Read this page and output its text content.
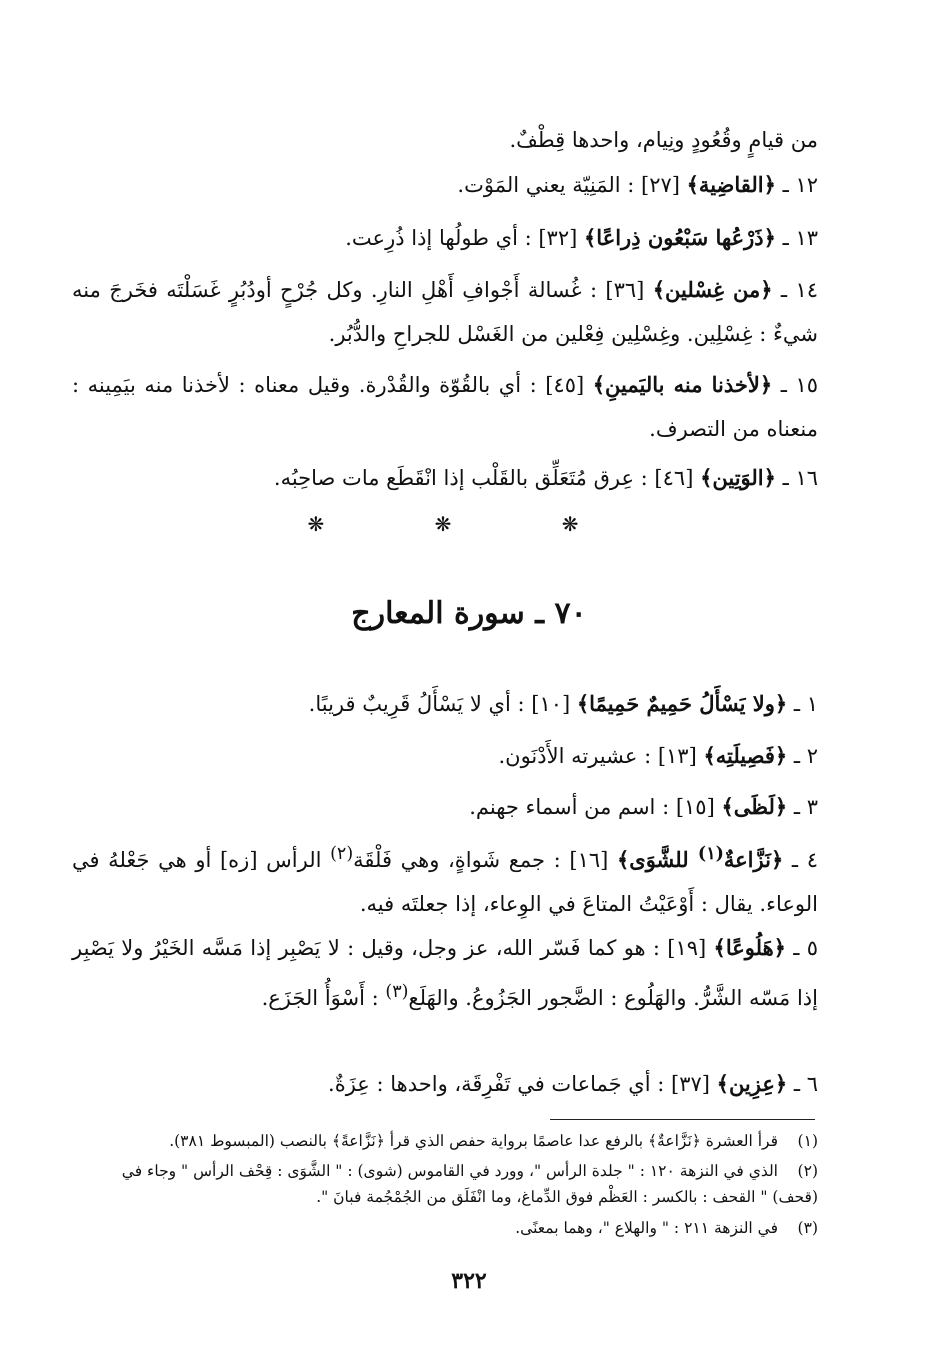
من قيامٍ وقُعُودٍ ونِيام، واحدها قِطْفٌ.

١٢ ـ ﴿القاضِية﴾ [٢٧] : المَنِيّة يعني المَوْت.

١٣ ـ ﴿ذَرْعُها سَبْعُون ذِراعًا﴾ [٣٢] : أي طولُها إذا ذُرِعت.

١٤ ـ ﴿من غِسْلين﴾ [٣٦] : غُسالة أَجْوافِ أَهْلِ النارِ. وكل جُرْحٍ أودُبُرٍ غَسَلْتَه فخَرجَ منه شيءٌ : غِسْلِين. وغِسْلِين فِعْلين من الغَسْل للجراحِ والدُّبُر.

١٥ ـ ﴿لأخذنا منه باليَمينِ﴾ [٤٥] : أي بالقُوّة والقُدْرة. وقيل معناه : لأخذنا منه بيَمِينه : منعناه من التصرف.

١٦ ـ ﴿الوَتِين﴾ [٤٦] : عِرق مُتَعَلِّق بالقَلْب إذا انْقَطَع مات صاحِبُه.

❋ ❋ ❋
٧٠ ـ سورة المعارج

١ ـ ﴿ولا يَسْأَلُ حَمِيمٌ حَمِيمًا﴾ [١٠] : أي لا يَسْأَلُ قَرِيبٌ قريبًا.

٢ ـ ﴿فَصِيلَتِه﴾ [١٣] : عشيرته الأَدْنَون.

٣ ـ ﴿لَظَى﴾ [١٥] : اسم من أسماء جهنم.

٤ ـ ﴿نَزَّاعةٌ$^{(١)}$ للشَّوَى﴾ [١٦] : جمع شَواةٍ، وهي فَلْقَة$^{(٢)}$ الرأس [زه] أو هي جَعْلهُ في الوعاء. يقال : أَوْعَيْتُ المتاعَ في الوِعاء، إذا جعلتَه فيه.

٥ ـ ﴿هَلُوعًا﴾ [١٩] : هو كما فَسّر الله، عز وجل، وقيل : لا يَصْبِر إذا مَسَّه الخَيْرُ ولا يَصْبِر إذا مَسّه الشَّرُّ. والهَلُوع : الضَّجور الجَزُوعُ. والهَلَع$^{(٣)}$ : أَسْوَأُ الجَزَع.

٦ ـ ﴿عِزِين﴾ [٣٧] : أي جَماعات في تَفْرِقَة، واحدها : عِزَةٌ.

(١)قرأ العشرة ﴿نَزَّاعةٌ﴾ بالرفع عدا عاصمًا برواية حفص الذي قرأ ﴿نَزَّاعةً﴾ بالنصب (المبسوط ٣٨١).

(٢)الذي في النزهة ١٢٠ : " جلدة الرأس "، وورد في القاموس (شوى) : " الشَّوَى : قِحْف الرأس " وجاء في (قحف) " القحف : بالكسر : العَظْم فوق الدِّماغ، وما انْفَلَق من الجُمْجُمة فبانَ ".

(٣)في النزهة ٢١١ : " والهلاع "، وهما بمعنًى.

٣٢٢
